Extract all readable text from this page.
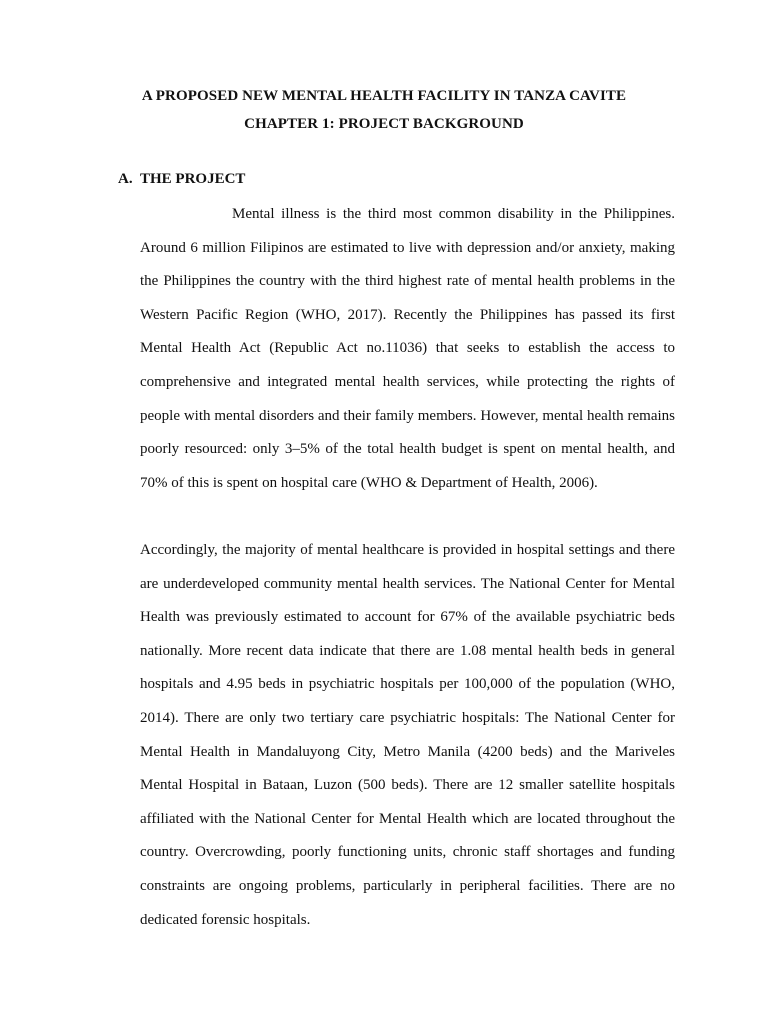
A PROPOSED NEW MENTAL HEALTH FACILITY IN TANZA CAVITE
CHAPTER 1: PROJECT BACKGROUND
A. THE PROJECT

Mental illness is the third most common disability in the Philippines. Around 6 million Filipinos are estimated to live with depression and/or anxiety, making the Philippines the country with the third highest rate of mental health problems in the Western Pacific Region (WHO, 2017). Recently the Philippines has passed its first Mental Health Act (Republic Act no.11036) that seeks to establish the access to comprehensive and integrated mental health services, while protecting the rights of people with mental disorders and their family members. However, mental health remains poorly resourced: only 3–5% of the total health budget is spent on mental health, and 70% of this is spent on hospital care (WHO & Department of Health, 2006).

Accordingly, the majority of mental healthcare is provided in hospital settings and there are underdeveloped community mental health services. The National Center for Mental Health was previously estimated to account for 67% of the available psychiatric beds nationally. More recent data indicate that there are 1.08 mental health beds in general hospitals and 4.95 beds in psychiatric hospitals per 100,000 of the population (WHO, 2014). There are only two tertiary care psychiatric hospitals: The National Center for Mental Health in Mandaluyong City, Metro Manila (4200 beds) and the Mariveles Mental Hospital in Bataan, Luzon (500 beds). There are 12 smaller satellite hospitals affiliated with the National Center for Mental Health which are located throughout the country. Overcrowding, poorly functioning units, chronic staff shortages and funding constraints are ongoing problems, particularly in peripheral facilities. There are no dedicated forensic hospitals.
